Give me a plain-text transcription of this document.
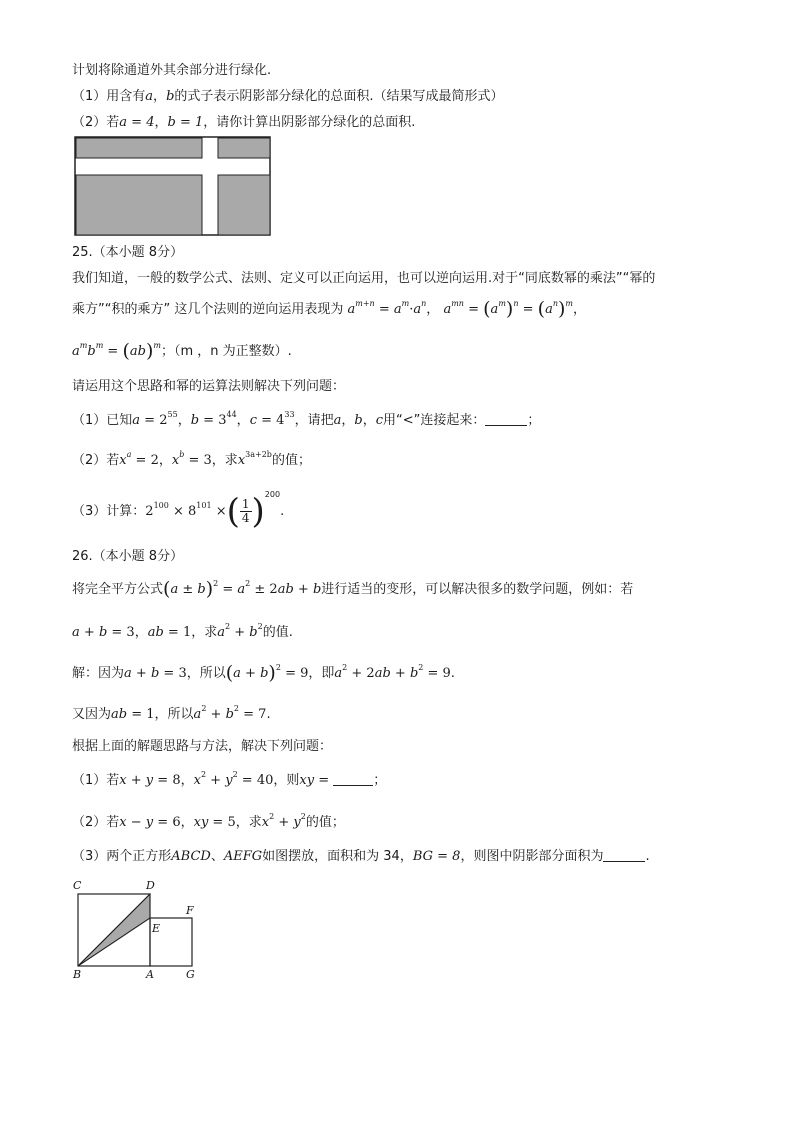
计划将除通道外其余部分进行绿化.
（1）用含有a，b的式子表示阴影部分绿化的总面积.（结果写成最简形式）
（2）若a = 4，b = 1，请你计算出阴影部分绿化的总面积.
25.（本小题 8分）
我们知道，一般的数学公式、法则、定义可以正向运用，也可以逆向运用.对于“同底数幂的乘法”“幂的
乘方”“积的乘方” 这几个法则的逆向运用表现为 $a^{m+n} = a^m\cdot a^n$， $a^{mn} = (a^m)^n = (a^n)^m$，
$a^mb^m = (ab)^m$；（m ，n 为正整数）.
请运用这个思路和幂的运算法则解决下列问题：
（1）已知$a = 2^{55}$，$b = 3^{44}$，$c = 4^{33}$，请把a，b，c用“<”连接起来：	；
（2）若$x^a = 2$，$x^b = 3$，求$x^{3a+2b}$的值；
（3）计算：$2^{100} \times 8^{101}$ ×( $\frac{1}{4} )^{200}$.
26.（本小题 8分）
将完全平方公式$(a \pm b)^2 = a^2 \pm 2ab + b$进行适当的变形，可以解决很多的数学问题，例如：若
a + b = 3，ab = 1，求$a^2 + b^2$的值.
解：因为a + b = 3，所以$(a + b)^2 = 9$，即$a^2 + 2ab + b^2 = 9$.
又因为ab = 1，所以$a^2 + b^2 = 7$.
根据上面的解题思路与方法，解决下列问题：
（1）若x + y = 8，$x^2 + y^2 = 40$，则xy =	；
（2）若x − y = 6，xy = 5，求$x^2 + y^2$的值；
（3）两个正方形ABCD、AEFG如图摆放，面积和为 34，BG = 8，则图中阴影部分面积为	.
C	D
E
F
B	A	G
